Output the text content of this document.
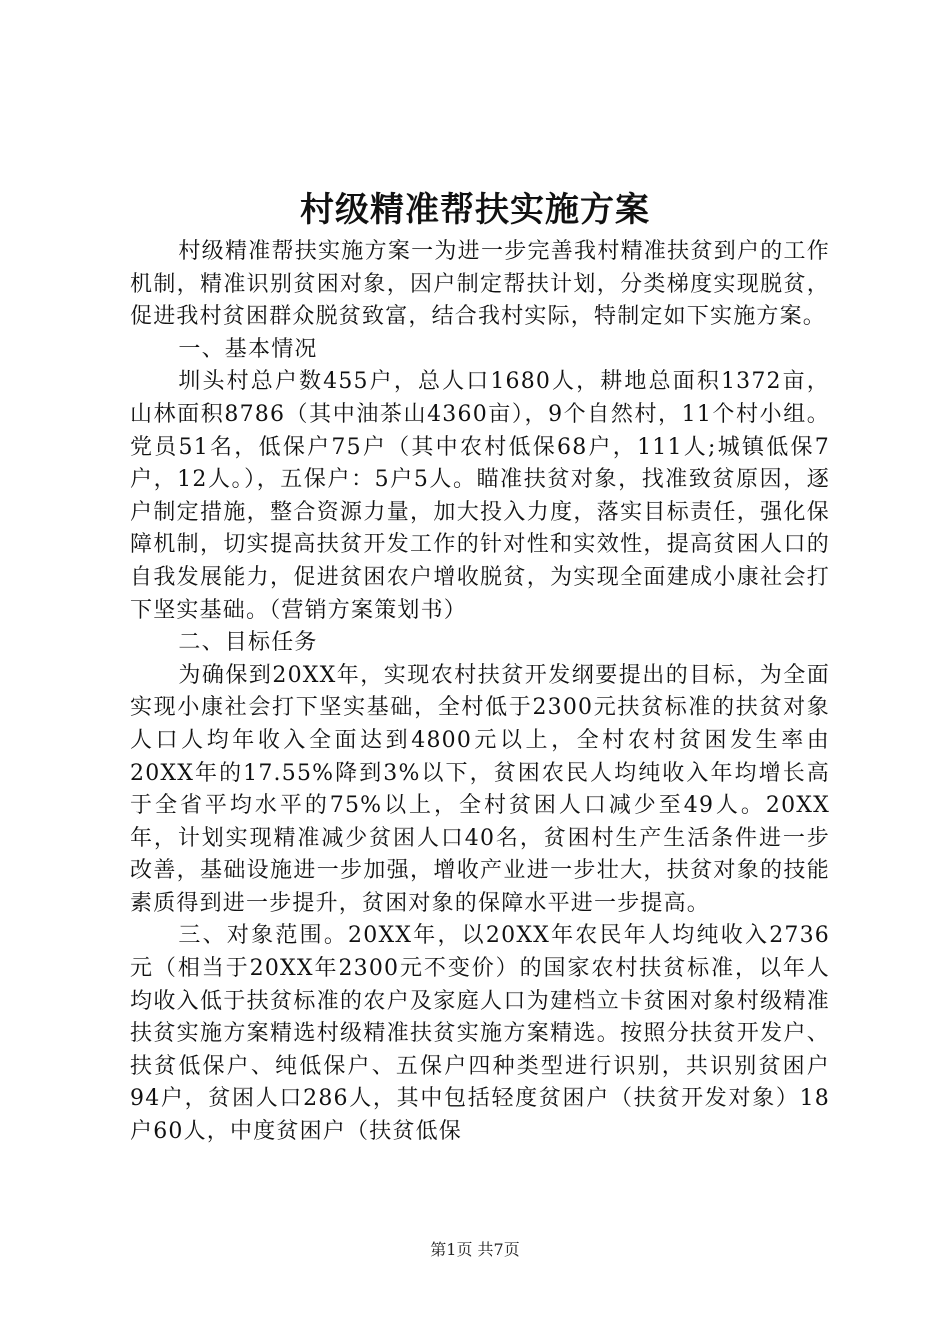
村级精准帮扶实施方案

村级精准帮扶实施方案一为进一步完善我村精准扶贫到户的工作机制，精准识别贫困对象，因户制定帮扶计划，分类梯度实现脱贫，促进我村贫困群众脱贫致富，结合我村实际，特制定如下实施方案。

一、基本情况

圳头村总户数455户，总人口1680人，耕地总面积1372亩，山林面积8786（其中油茶山4360亩），9个自然村，11个村小组。党员51名，低保户75户（其中农村低保68户，111人;城镇低保7户，12人。），五保户：5户5人。瞄准扶贫对象，找准致贫原因，逐户制定措施，整合资源力量，加大投入力度，落实目标责任，强化保障机制，切实提高扶贫开发工作的针对性和实效性，提高贫困人口的自我发展能力，促进贫困农户增收脱贫，为实现全面建成小康社会打下坚实基础。（营销方案策划书）

二、目标任务

为确保到20XX年，实现农村扶贫开发纲要提出的目标，为全面实现小康社会打下坚实基础，全村低于2300元扶贫标准的扶贫对象人口人均年收入全面达到4800元以上，全村农村贫困发生率由20XX年的17.55%降到3%以下，贫困农民人均纯收入年均增长高于全省平均水平的75%以上，全村贫困人口减少至49人。20XX年，计划实现精准减少贫困人口40名，贫困村生产生活条件进一步改善，基础设施进一步加强，增收产业进一步壮大，扶贫对象的技能素质得到进一步提升，贫困对象的保障水平进一步提高。

三、对象范围。20XX年，以20XX年农民年人均纯收入2736元（相当于20XX年2300元不变价）的国家农村扶贫标准，以年人均收入低于扶贫标准的农户及家庭人口为建档立卡贫困对象村级精准扶贫实施方案精选村级精准扶贫实施方案精选。按照分扶贫开发户、扶贫低保户、纯低保户、五保户四种类型进行识别，共识别贫困户94户，贫困人口286人，其中包括轻度贫困户（扶贫开发对象）18户60人，中度贫困户（扶贫低保

第1页 共7页
